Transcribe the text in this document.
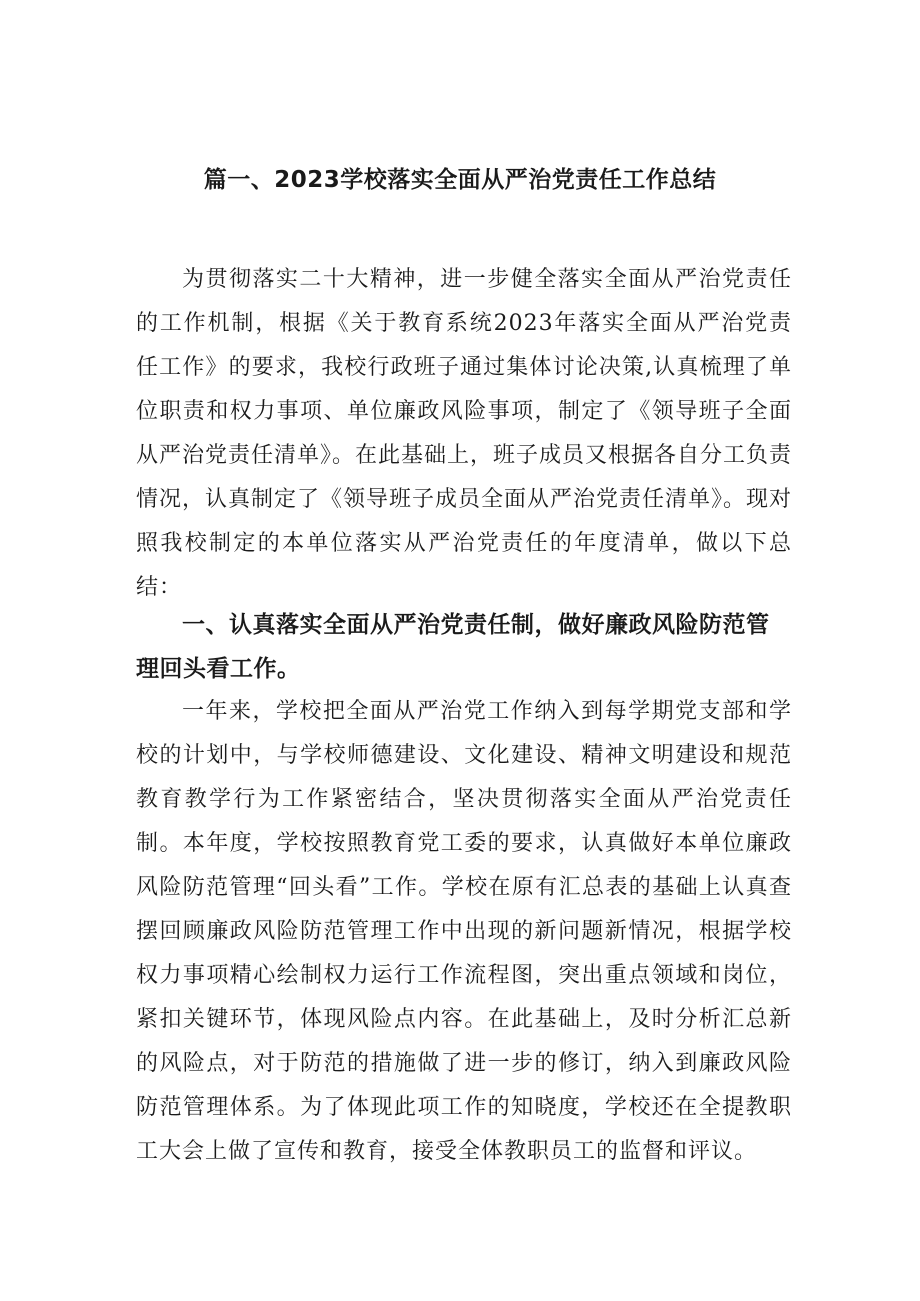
篇一、2023学校落实全面从严治党责任工作总结

为贯彻落实二十大精神，进一步健全落实全面从严治党责任的工作机制，根据《关于教育系统2023年落实全面从严治党责任工作》的要求，我校行政班子通过集体讨论决策,认真梳理了单位职责和权力事项、单位廉政风险事项，制定了《领导班子全面从严治党责任清单》。在此基础上，班子成员又根据各自分工负责情况，认真制定了《领导班子成员全面从严治党责任清单》。现对照我校制定的本单位落实从严治党责任的年度清单，做以下总结：

一、认真落实全面从严治党责任制，做好廉政风险防范管理回头看工作。

一年来，学校把全面从严治党工作纳入到每学期党支部和学校的计划中，与学校师德建设、文化建设、精神文明建设和规范教育教学行为工作紧密结合，坚决贯彻落实全面从严治党责任制。本年度，学校按照教育党工委的要求，认真做好本单位廉政风险防范管理“回头看”工作。学校在原有汇总表的基础上认真查摆回顾廉政风险防范管理工作中出现的新问题新情况，根据学校权力事项精心绘制权力运行工作流程图，突出重点领域和岗位，紧扣关键环节，体现风险点内容。在此基础上，及时分析汇总新的风险点，对于防范的措施做了进一步的修订，纳入到廉政风险防范管理体系。为了体现此项工作的知晓度，学校还在全提教职工大会上做了宣传和教育，接受全体教职员工的监督和评议。
